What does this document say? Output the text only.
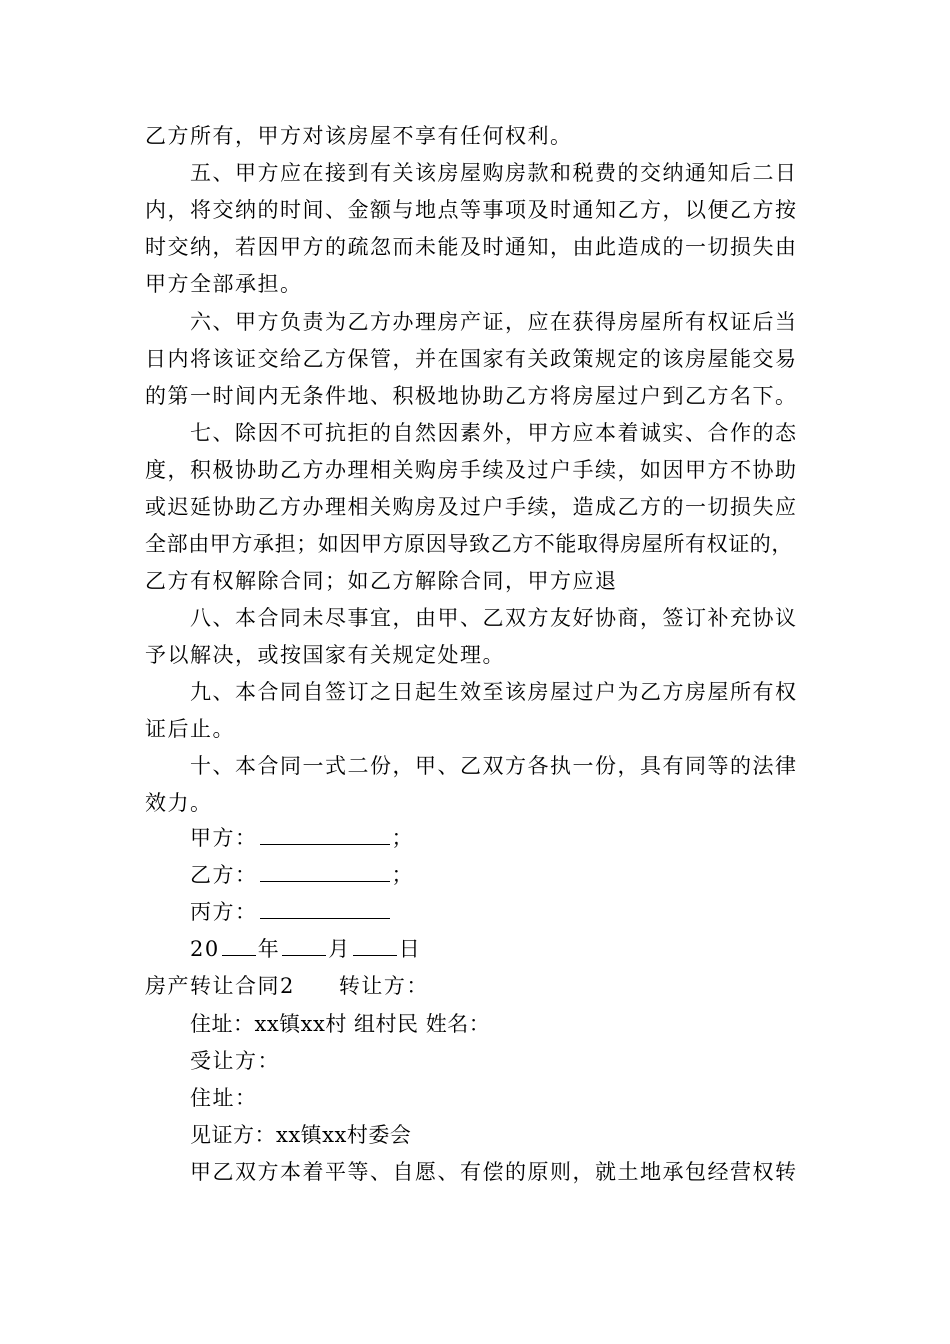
乙方所有，甲方对该房屋不享有任何权利。
五、甲方应在接到有关该房屋购房款和税费的交纳通知后二日
内，将交纳的时间、金额与地点等事项及时通知乙方，以便乙方按
时交纳，若因甲方的疏忽而未能及时通知，由此造成的一切损失由
甲方全部承担。
六、甲方负责为乙方办理房产证，应在获得房屋所有权证后当
日内将该证交给乙方保管，并在国家有关政策规定的该房屋能交易
的第一时间内无条件地、积极地协助乙方将房屋过户到乙方名下。
七、除因不可抗拒的自然因素外，甲方应本着诚实、合作的态
度，积极协助乙方办理相关购房手续及过户手续，如因甲方不协助
或迟延协助乙方办理相关购房及过户手续，造成乙方的一切损失应
全部由甲方承担；如因甲方原因导致乙方不能取得房屋所有权证的，
乙方有权解除合同；如乙方解除合同，甲方应退
八、本合同未尽事宜，由甲、乙双方友好协商，签订补充协议
予以解决，或按国家有关规定处理。
九、本合同自签订之日起生效至该房屋过户为乙方房屋所有权
证后止。
十、本合同一式二份，甲、乙双方各执一份，具有同等的法律
效力。
甲方：	；
乙方：	；
丙方：
20 年 月 日
房产转让合同2 转让方：
住址：xx镇xx村 组村民 姓名：
受让方：
住址：
见证方：xx镇xx村委会
甲乙双方本着平等、自愿、有偿的原则，就土地承包经营权转
